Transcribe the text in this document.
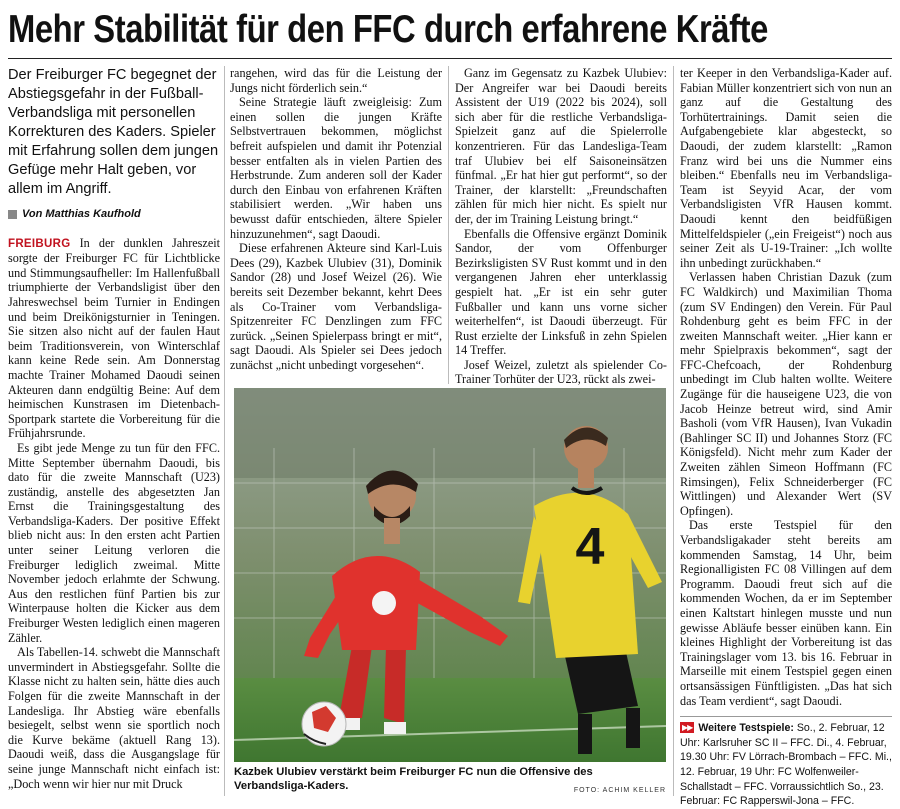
Mehr Stabilität für den FFC durch erfahrene Kräfte

Der Freiburger FC begegnet der Abstiegsgefahr in der Fußball-Verbandsliga mit personellen Korrekturen des Kaders. Spieler mit Erfahrung sollen dem jungen Gefüge mehr Halt geben, vor allem im Angriff.

Von Matthias Kaufhold

FREIBURG In der dunklen Jahreszeit sorgte der Freiburger FC für Lichtblicke und Stimmungsaufheller: Im Hallenfußball triumphierte der Verbandsligist über den Jahreswechsel beim Turnier in Endingen und beim Dreikönigsturnier in Teningen. Sie sitzen also nicht auf der faulen Haut beim Traditionsverein, von Winterschlaf kann keine Rede sein. Am Donnerstag machte Trainer Mohamed Daoudi seinen Akteuren dann endgültig Beine: Auf dem heimischen Kunstrasen im Dietenbach-Sportpark startete die Vorbereitung für die Frühjahrsrunde.

Es gibt jede Menge zu tun für den FFC. Mitte September übernahm Daoudi, bis dato für die zweite Mannschaft (U23) zuständig, anstelle des abgesetzten Jan Ernst die Trainingsgestaltung des Verbandsliga-Kaders. Der positive Effekt blieb nicht aus: In den ersten acht Partien unter seiner Leitung verloren die Freiburger lediglich zweimal. Mitte November jedoch erlahmte der Schwung. Aus den restlichen fünf Partien bis zur Winterpause holten die Kicker aus dem Freiburger Westen lediglich einen mageren Zähler.

Als Tabellen-14. schwebt die Mannschaft unvermindert in Abstiegsgefahr. Sollte die Klasse nicht zu halten sein, hätte dies auch Folgen für die zweite Mannschaft in der Landesliga. Ihr Abstieg wäre ebenfalls besiegelt, selbst wenn sie sportlich noch die Kurve bekäme (aktuell Rang 13). Daoudi weiß, dass die Ausgangslage für seine junge Mannschaft nicht einfach ist: „Doch wenn wir hier nur mit Druck

rangehen, wird das für die Leistung der Jungs nicht förderlich sein.“

Seine Strategie läuft zweigleisig: Zum einen sollen die jungen Kräfte Selbstvertrauen bekommen, möglichst befreit aufspielen und damit ihr Potenzial besser entfalten als in vielen Partien des Herbstrunde. Zum anderen soll der Kader durch den Einbau von erfahrenen Kräften stabilisiert werden. „Wir haben uns bewusst dafür entschieden, ältere Spieler hinzuzunehmen“, sagt Daoudi.

Diese erfahrenen Akteure sind Karl-Luis Dees (29), Kazbek Ulubiev (31), Dominik Sandor (28) und Josef Weizel (26). Wie bereits seit Dezember bekannt, kehrt Dees als Co-Trainer vom Verbandsliga-Spitzenreiter FC Denzlingen zum FFC zurück. „Seinen Spielerpass bringt er mit“, sagt Daoudi. Als Spieler sei Dees jedoch zunächst „nicht unbedingt vorgesehen“.

Ganz im Gegensatz zu Kazbek Ulubiev: Der Angreifer war bei Daoudi bereits Assistent der U19 (2022 bis 2024), soll sich aber für die restliche Verbandsliga-Spielzeit ganz auf die Spielerrolle konzentrieren. Für das Landesliga-Team traf Ulubiev bei elf Saisoneinsätzen fünfmal. „Er hat hier gut performt“, so der Trainer, der klarstellt: „Freundschaften zählen für mich hier nicht. Es spielt nur der, der im Training Leistung bringt.“

Ebenfalls die Offensive ergänzt Dominik Sandor, der vom Offenburger Bezirksligisten SV Rust kommt und in den vergangenen Jahren eher unterklassig gespielt hat. „Er ist ein sehr guter Fußballer und kann uns vorne sicher weiterhelfen“, ist Daoudi überzeugt. Für Rust erzielte der Linksfuß in zehn Spielen 14 Treffer.

Josef Weizel, zuletzt als spielender Co-Trainer Torhüter der U23, rückt als zwei-

ter Keeper in den Verbandsliga-Kader auf. Fabian Müller konzentriert sich von nun an ganz auf die Gestaltung des Torhütertrainings. Damit seien die Aufgabengebiete klar abgesteckt, so Daoudi, der zudem klarstellt: „Ramon Franz wird bei uns die Nummer eins bleiben.“ Ebenfalls neu im Verbandsliga-Team ist Seyyid Acar, der vom Verbandsligisten VfR Hausen kommt. Daoudi kennt den beidfüßigen Mittelfeldspieler („ein Freigeist“) noch aus seiner Zeit als U-19-Trainer: „Ich wollte ihn unbedingt zurückhaben.“

Verlassen haben Christian Dazuk (zum FC Waldkirch) und Maximilian Thoma (zum SV Endingen) den Verein. Für Paul Rohdenburg geht es beim FFC in der zweiten Mannschaft weiter. „Hier kann er mehr Spielpraxis bekommen“, sagt der FFC-Chefcoach, der Rohdenburg unbedingt im Club halten wollte. Weitere Zugänge für die hauseigene U23, die von Jacob Heinze betreut wird, sind Amir Basholi (vom VfR Hausen), Ivan Vukadin (Bahlinger SC II) und Johannes Storz (FC Königsfeld). Nicht mehr zum Kader der Zweiten zählen Simeon Hoffmann (FC Rimsingen), Felix Schneiderberger (FC Wittlingen) und Alexander Wert (SV Opfingen).

Das erste Testspiel für den Verbandsligakader steht bereits am kommenden Samstag, 14 Uhr, beim Regionalligisten FC 08 Villingen auf dem Programm. Daoudi freut sich auf die kommenden Wochen, da er im September einen Kaltstart hinlegen musste und nun gewisse Abläufe besser einüben kann. Ein kleines Highlight der Vorbereitung ist das Trainingslager vom 13. bis 16. Februar in Marseille mit einem Testspiel gegen einen ortsansässigen Fünftligisten. „Das hat sich das Team verdient“, sagt Daoudi.

▶▶ Weitere Testspiele: So., 2. Februar, 12 Uhr: Karlsruher SC II – FFC. Di., 4. Februar, 19.30 Uhr: FV Lörrach-Brombach – FFC. Mi., 12. Februar, 19 Uhr: FC Wolfenweiler-Schallstadt – FFC. Vorraussichtlich So., 23. Februar: FC Rapperswil-Jona – FFC.
4
Kazbek Ulubiev verstärkt beim Freiburger FC nun die Offensive des Verbandsliga-Kaders.	FOTO: ACHIM KELLER
